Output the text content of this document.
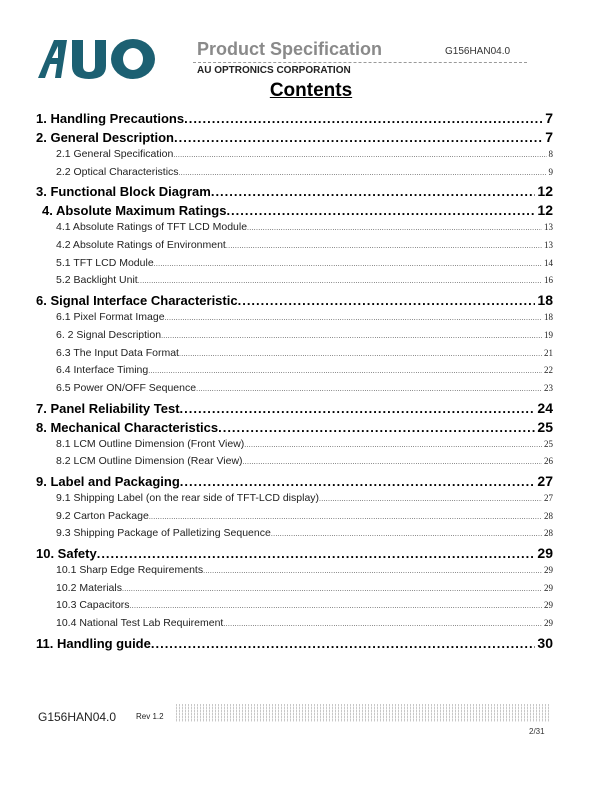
Product Specification	G156HAN04.0
AU OPTRONICS CORPORATION
Contents
1. Handling Precautions .....	7
2. General Description .....	7
2.1 General Specification .....	8
2.2 Optical Characteristics .....	9
3. Functional Block Diagram .....	12
4. Absolute Maximum Ratings .....	12
4.1 Absolute Ratings of TFT LCD Module .....	13
4.2 Absolute Ratings of Environment .....	13
5.1 TFT LCD Module .....	14
5.2 Backlight Unit .....	16
6. Signal Interface Characteristic .....	18
6.1 Pixel Format Image .....	18
6. 2 Signal Description .....	19
6.3 The Input Data Format .....	21
6.4 Interface Timing .....	22
6.5 Power ON/OFF Sequence .....	23
7. Panel Reliability Test .....	24
8. Mechanical Characteristics .....	25
8.1 LCM Outline Dimension (Front View) .....	25
8.2 LCM Outline Dimension (Rear View) .....	26
9. Label and Packaging .....	27
9.1 Shipping Label (on the rear side of TFT-LCD display) .....	27
9.2 Carton Package .....	28
9.3 Shipping Package of Palletizing Sequence .....	28
10. Safety .....	29
10.1 Sharp Edge Requirements .....	29
10.2 Materials .....	29
10.3 Capacitors .....	29
10.4 National Test Lab Requirement .....	29
11. Handling guide .....	30
G156HAN04.0 Rev 1.2
2/31
